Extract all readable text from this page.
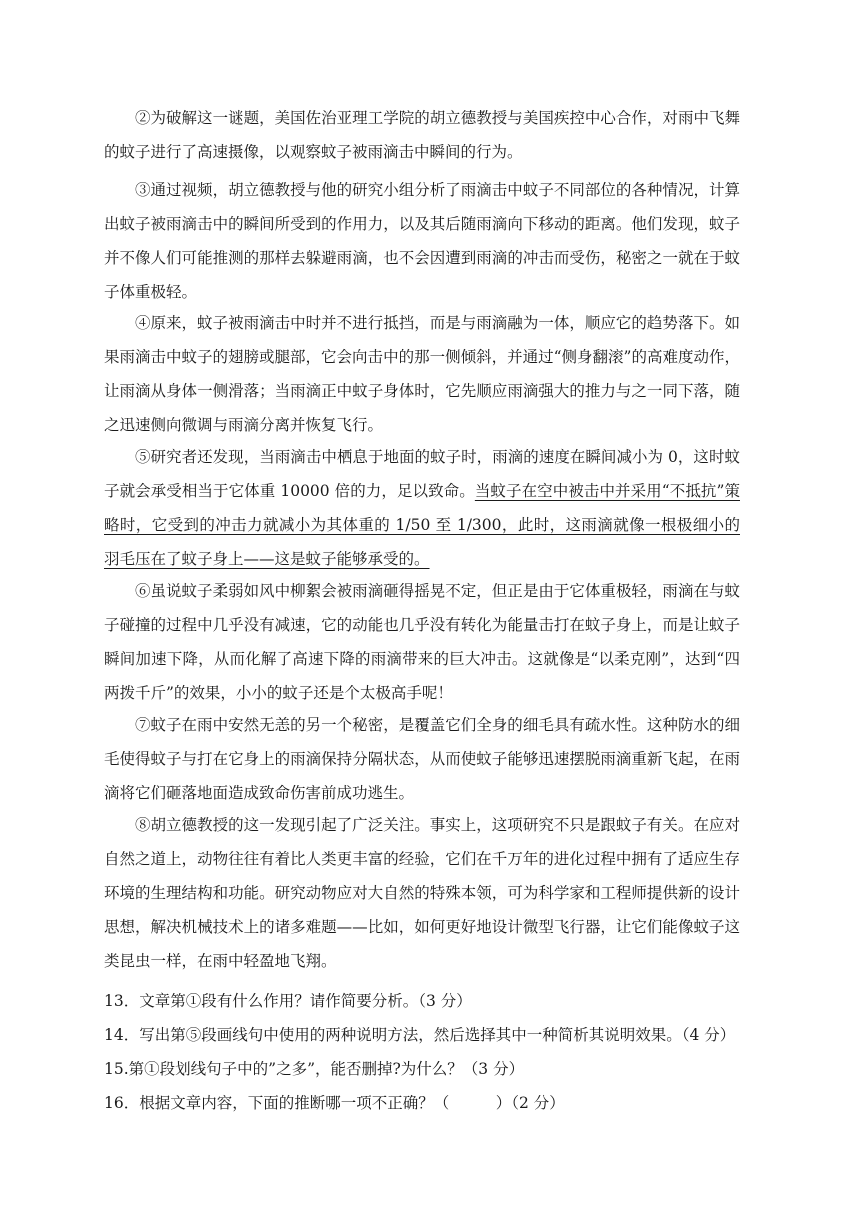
②为破解这一谜题，美国佐治亚理工学院的胡立德教授与美国疾控中心合作，对雨中飞舞的蚊子进行了高速摄像，以观察蚊子被雨滴击中瞬间的行为。

③通过视频，胡立德教授与他的研究小组分析了雨滴击中蚊子不同部位的各种情况，计算出蚊子被雨滴击中的瞬间所受到的作用力，以及其后随雨滴向下移动的距离。他们发现，蚊子并不像人们可能推测的那样去躲避雨滴，也不会因遭到雨滴的冲击而受伤，秘密之一就在于蚊子体重极轻。

④原来，蚊子被雨滴击中时并不进行抵挡，而是与雨滴融为一体，顺应它的趋势落下。如果雨滴击中蚊子的翅膀或腿部，它会向击中的那一侧倾斜，并通过“侧身翻滚”的高难度动作，让雨滴从身体一侧滑落；当雨滴正中蚊子身体时，它先顺应雨滴强大的推力与之一同下落，随之迅速侧向微调与雨滴分离并恢复飞行。

⑤研究者还发现，当雨滴击中栖息于地面的蚊子时，雨滴的速度在瞬间减小为 0，这时蚊子就会承受相当于它体重 10000 倍的力，足以致命。当蚊子在空中被击中并采用“不抵抗”策略时，它受到的冲击力就减小为其体重的 1/50 至 1/300，此时，这雨滴就像一根极细小的羽毛压在了蚊子身上——这是蚊子能够承受的。

⑥虽说蚊子柔弱如风中柳絮会被雨滴砸得摇晃不定，但正是由于它体重极轻，雨滴在与蚊子碰撞的过程中几乎没有减速，它的动能也几乎没有转化为能量击打在蚊子身上，而是让蚊子瞬间加速下降，从而化解了高速下降的雨滴带来的巨大冲击。这就像是“以柔克刚”，达到“四两拨千斤”的效果，小小的蚊子还是个太极高手呢！

⑦蚊子在雨中安然无恙的另一个秘密，是覆盖它们全身的细毛具有疏水性。这种防水的细毛使得蚊子与打在它身上的雨滴保持分隔状态，从而使蚊子能够迅速摆脱雨滴重新飞起，在雨滴将它们砸落地面造成致命伤害前成功逃生。

⑧胡立德教授的这一发现引起了广泛关注。事实上，这项研究不只是跟蚊子有关。在应对自然之道上，动物往往有着比人类更丰富的经验，它们在千万年的进化过程中拥有了适应生存环境的生理结构和功能。研究动物应对大自然的特殊本领，可为科学家和工程师提供新的设计思想，解决机械技术上的诸多难题——比如，如何更好地设计微型飞行器，让它们能像蚊子这类昆虫一样，在雨中轻盈地飞翔。

13．文章第①段有什么作用？请作简要分析。（3 分）

14．写出第⑤段画线句中使用的两种说明方法，然后选择其中一种简析其说明效果。（4 分）

15.第①段划线句子中的”之多”，能否删掉?为什么？（3 分）

16．根据文章内容，下面的推断哪一项不正确？（　　　）（2 分）
